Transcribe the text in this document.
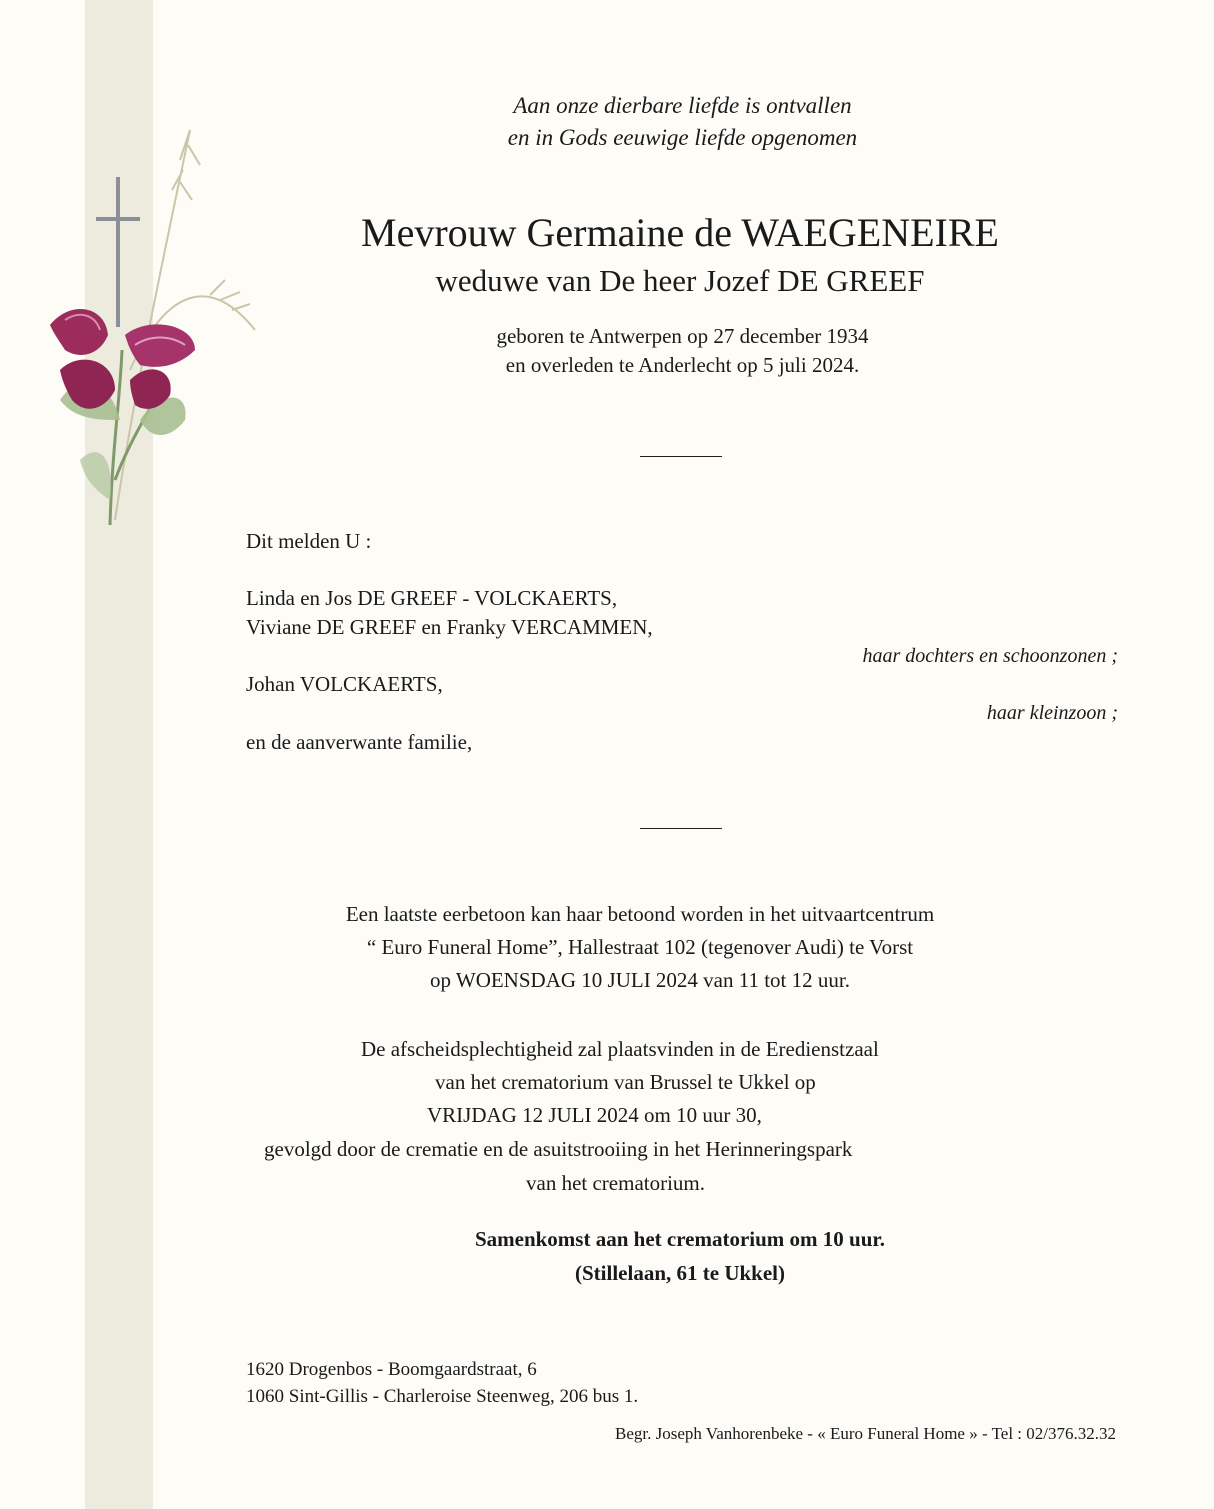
Aan onze dierbare liefde is ontvallen
en in Gods eeuwige liefde opgenomen

Mevrouw Germaine de WAEGENEIRE

weduwe van De heer Jozef DE GREEF

geboren te Antwerpen op 27 december 1934
en overleden te Anderlecht op 5 juli 2024.

Dit melden U :

Linda en Jos DE GREEF - VOLCKAERTS,
Viviane DE GREEF en Franky VERCAMMEN,

haar dochters en schoonzonen ;

Johan VOLCKAERTS,

haar kleinzoon ;

en de aanverwante familie,

Een laatste eerbetoon kan haar betoond worden in het uitvaartcentrum
“ Euro Funeral Home”, Hallestraat 102 (tegenover Audi) te Vorst
op WOENSDAG 10 JULI 2024 van 11 tot 12 uur.

De afscheidsplechtigheid zal plaatsvinden in de Eredienstzaal

van het crematorium van Brussel te Ukkel op

VRIJDAG 12 JULI 2024 om 10 uur 30,

gevolgd door de crematie en de asuitstrooiing in het Herinneringspark

van het crematorium.

Samenkomst aan het crematorium om 10 uur.
(Stillelaan, 61 te Ukkel)

1620 Drogenbos - Boomgaardstraat, 6
1060 Sint-Gillis - Charleroise Steenweg, 206 bus 1.

Begr. Joseph Vanhorenbeke - « Euro Funeral Home » - Tel : 02/376.32.32
